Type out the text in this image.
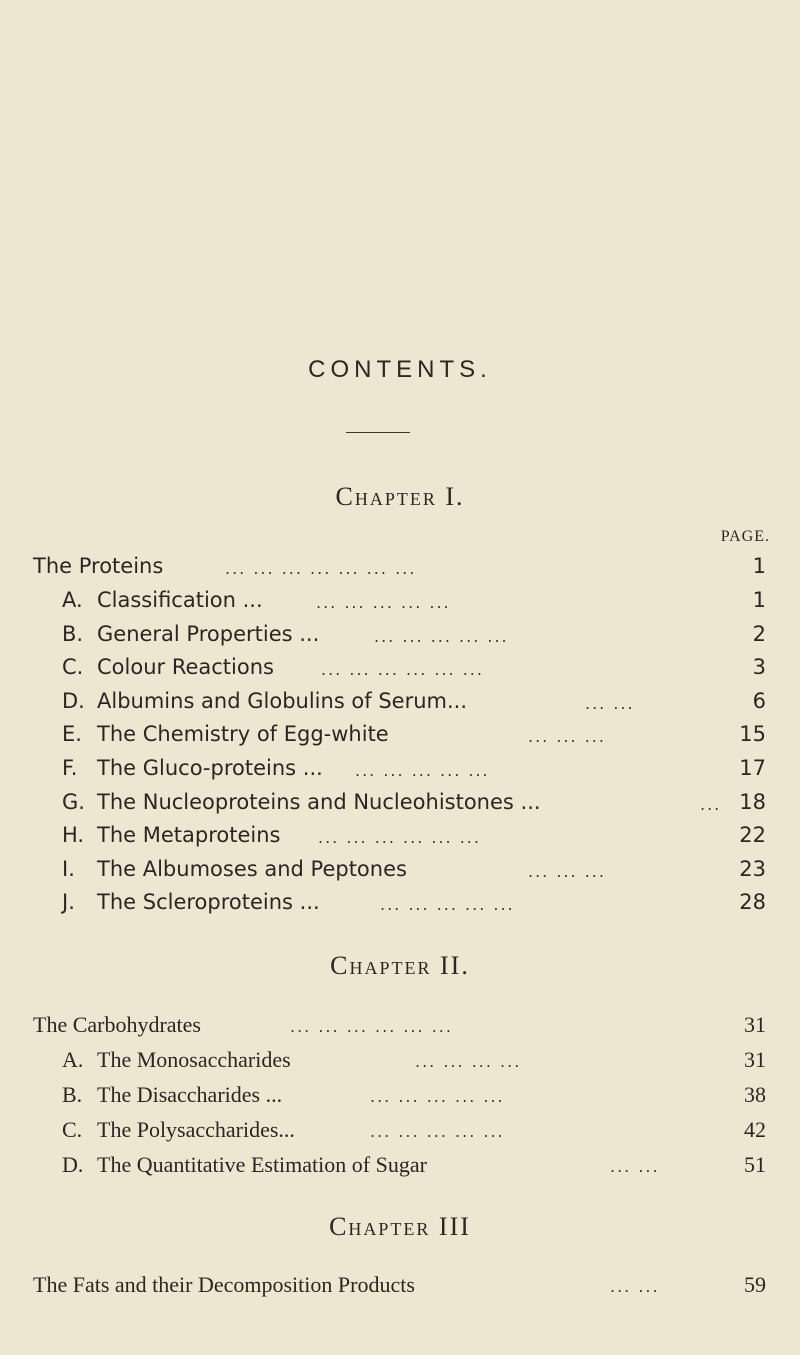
CONTENTS.
Chapter I.
PAGE.
The Proteins	... ... ... ... ... ... ...	1
A. Classification ...	... ... ... ... ...	1
B. General Properties ...	... ... ... ... ...	2
C. Colour Reactions	... ... ... ... ... ...	3
D. Albumins and Globulins of Serum...	... ...	6
E. The Chemistry of Egg-white	... ... ...	15
F. The Gluco-proteins ... ... ... ... ... ...	17
G. The Nucleoproteins and Nucleohistones ...	... 18
H. The Metaproteins ... ... ... ... ... ...	22
I. The Albumoses and Peptones	... ... ...	23
J. The Scleroproteins ...	... ... ... ... ...	28
Chapter II.
The Carbohydrates	... ... ... ... ... ...	31
A. The Monosaccharides	... ... ... ...	31
B. The Disaccharides ...	... ... ... ... ...	38
C. The Polysaccharides...	... ... ... ... ...	42
D. The Quantitative Estimation of Sugar	... ...	51
Chapter III
The Fats and their Decomposition Products	... ...	59
